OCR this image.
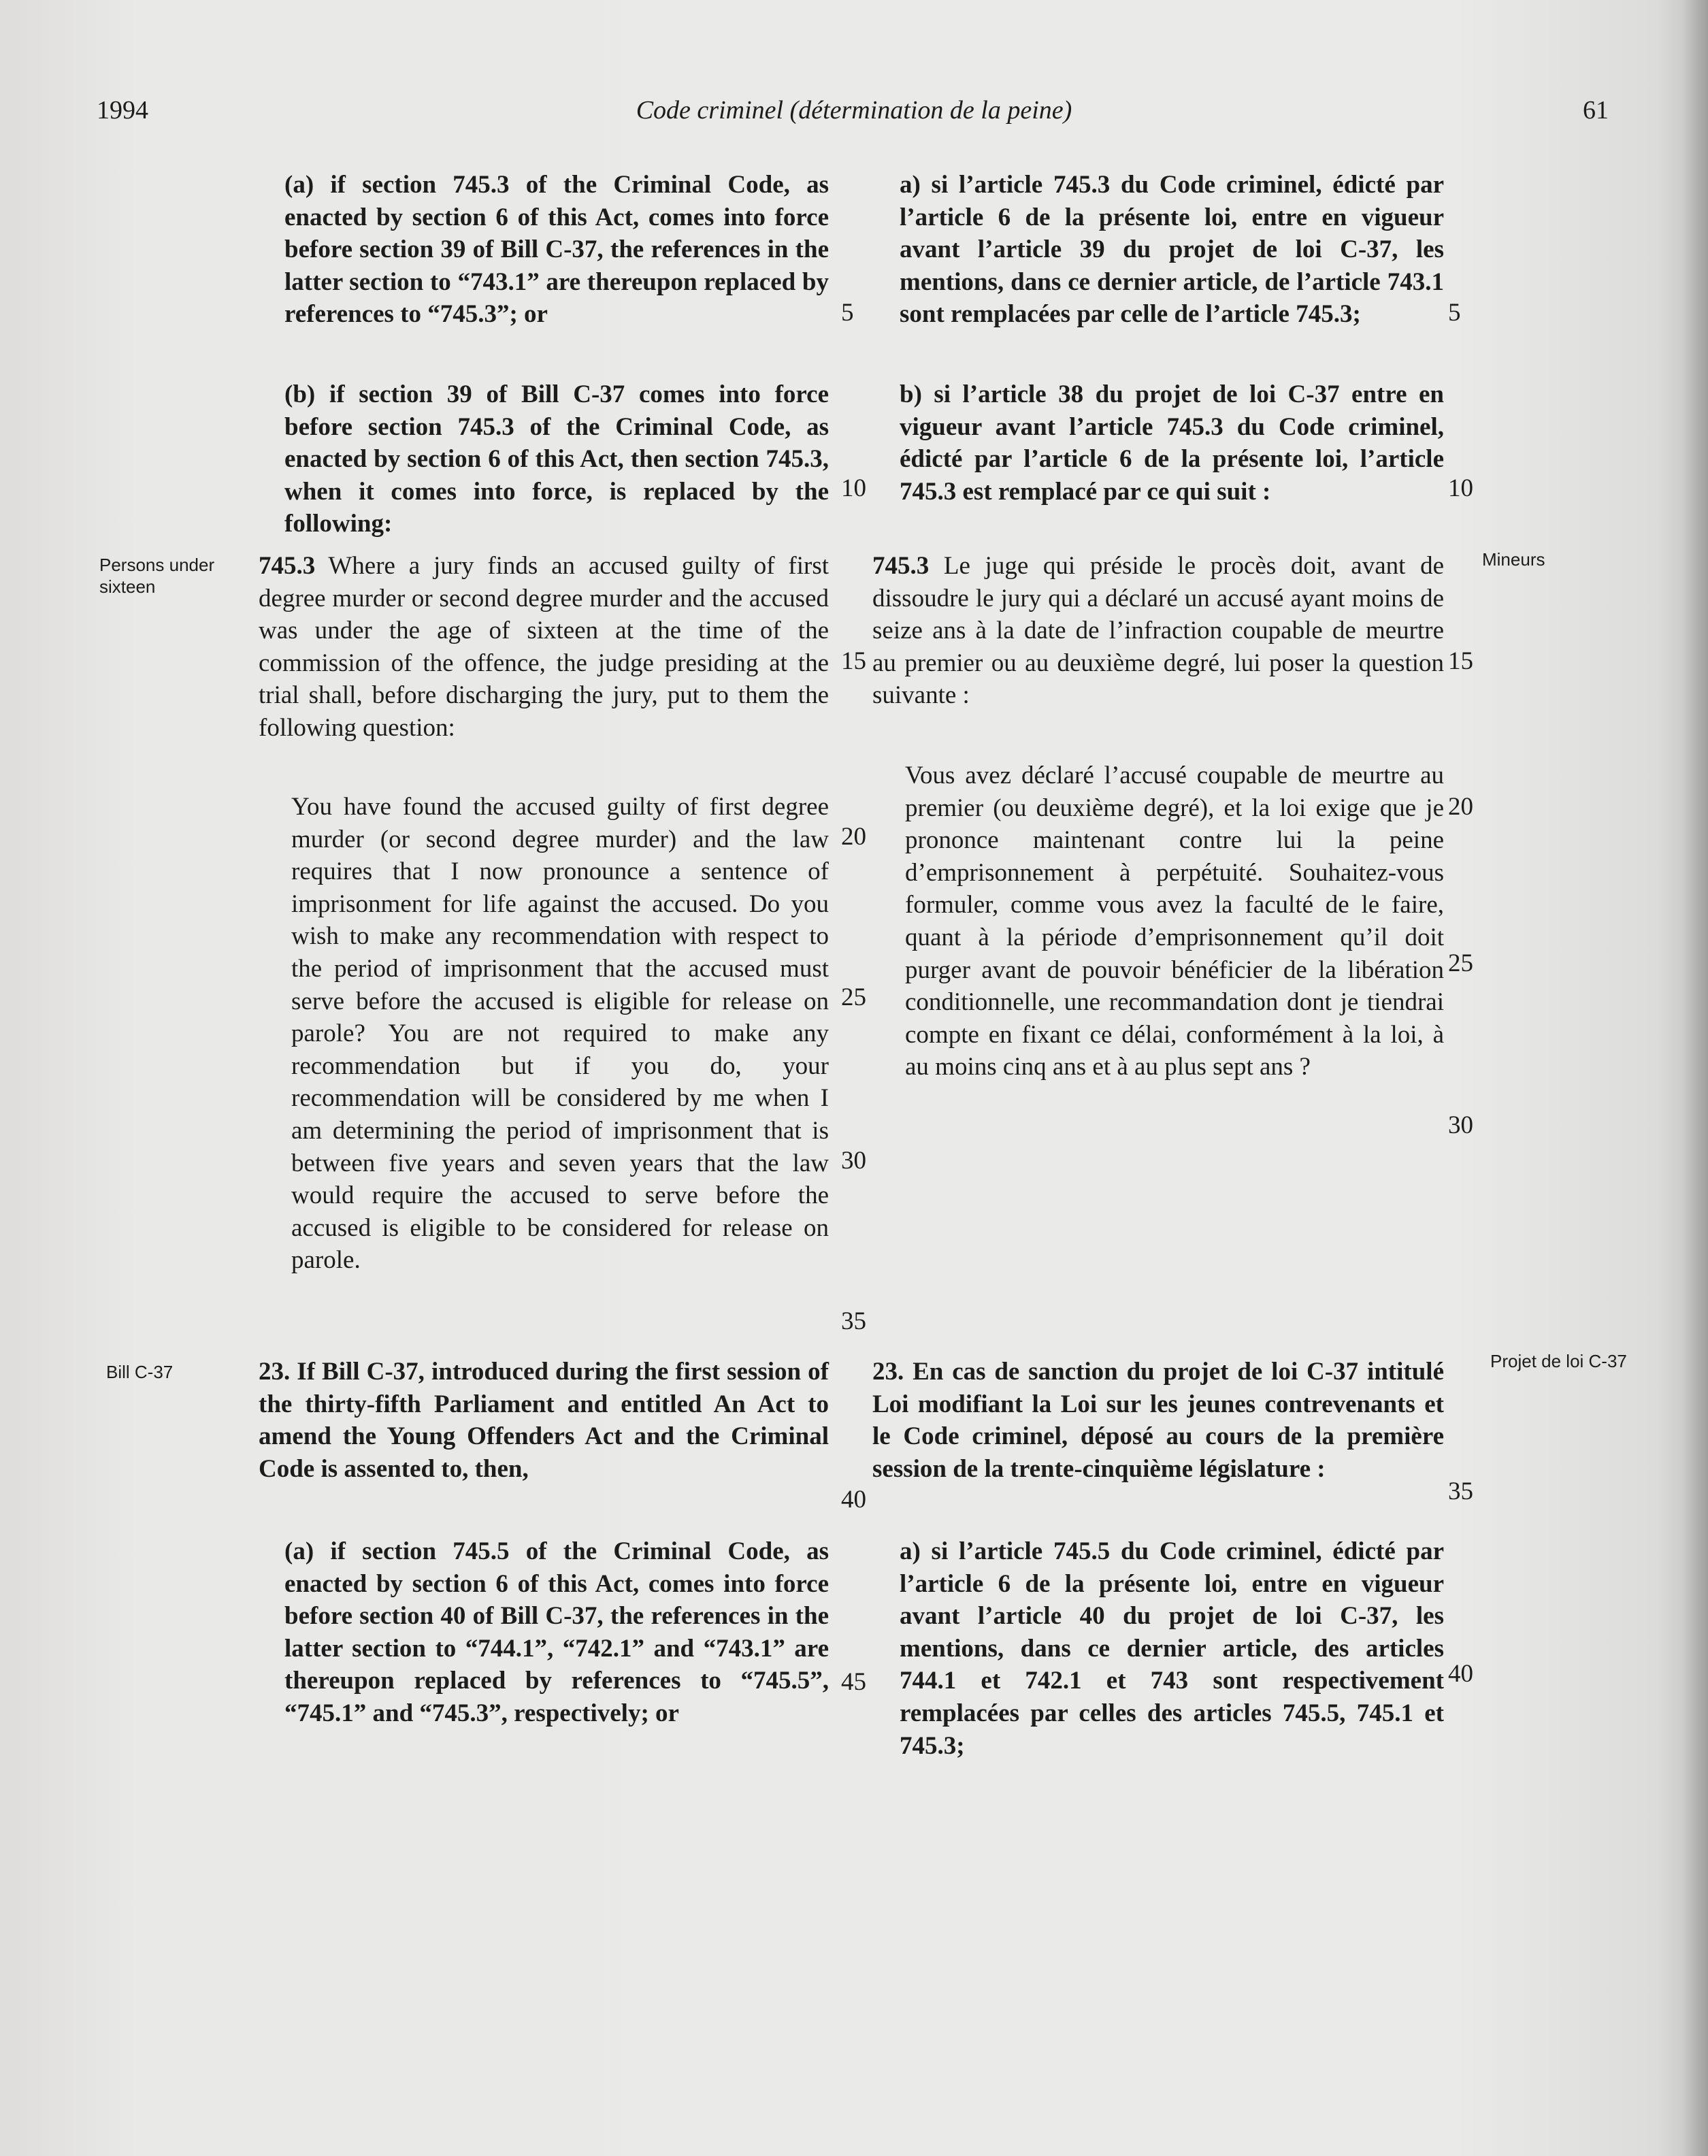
1994	Code criminel (détermination de la peine)	61

(a) if section 745.3 of the Criminal Code, as enacted by section 6 of this Act, comes into force before section 39 of Bill C-37, the references in the latter section to “743.1” are thereupon replaced by references to “745.3”; or

(b) if section 39 of Bill C-37 comes into force before section 745.3 of the Criminal Code, as enacted by section 6 of this Act, then section 745.3, when it comes into force, is replaced by the following:

745.3 Where a jury finds an accused guilty of first degree murder or second degree murder and the accused was under the age of sixteen at the time of the commission of the offence, the judge presiding at the trial shall, before discharging the jury, put to them the following question:

You have found the accused guilty of first degree murder (or second degree murder) and the law requires that I now pronounce a sentence of imprisonment for life against the accused. Do you wish to make any recommendation with respect to the period of imprisonment that the accused must serve before the accused is eligible for release on parole? You are not required to make any recommendation but if you do, your recommendation will be considered by me when I am determining the period of imprisonment that is between five years and seven years that the law would require the accused to serve before the accused is eligible to be considered for release on parole.

23. If Bill C-37, introduced during the first session of the thirty-fifth Parliament and entitled An Act to amend the Young Offenders Act and the Criminal Code is assented to, then,

(a) if section 745.5 of the Criminal Code, as enacted by section 6 of this Act, comes into force before section 40 of Bill C-37, the references in the latter section to “744.1”, “742.1” and “743.1” are thereupon replaced by references to “745.5”, “745.1” and “745.3”, respectively; or

a) si l’article 745.3 du Code criminel, édicté par l’article 6 de la présente loi, entre en vigueur avant l’article 39 du projet de loi C-37, les mentions, dans ce dernier article, de l’article 743.1 sont remplacées par celle de l’article 745.3;

b) si l’article 38 du projet de loi C-37 entre en vigueur avant l’article 745.3 du Code criminel, édicté par l’article 6 de la présente loi, l’article 745.3 est remplacé par ce qui suit :

745.3 Le juge qui préside le procès doit, avant de dissoudre le jury qui a déclaré un accusé ayant moins de seize ans à la date de l’infraction coupable de meurtre au premier ou au deuxième degré, lui poser la question suivante :

Vous avez déclaré l’accusé coupable de meurtre au premier (ou deuxième degré), et la loi exige que je prononce maintenant contre lui la peine d’emprisonnement à perpétuité. Souhaitez-vous formuler, comme vous avez la faculté de le faire, quant à la période d’emprisonnement qu’il doit purger avant de pouvoir bénéficier de la libération conditionnelle, une recommandation dont je tiendrai compte en fixant ce délai, conformément à la loi, à au moins cinq ans et à au plus sept ans ?

23. En cas de sanction du projet de loi C-37 intitulé Loi modifiant la Loi sur les jeunes contrevenants et le Code criminel, déposé au cours de la première session de la trente-cinquième législature :

a) si l’article 745.5 du Code criminel, édicté par l’article 6 de la présente loi, entre en vigueur avant l’article 40 du projet de loi C-37, les mentions, dans ce dernier article, des articles 744.1 et 742.1 et 743 sont respectivement remplacées par celles des articles 745.5, 745.1 et 745.3;

Persons under sixteen
Mineurs
Bill C-37
Projet de loi C-37
5
10
15
20
25
30
35
40
45
5
10
15
20
25
30
35
40
